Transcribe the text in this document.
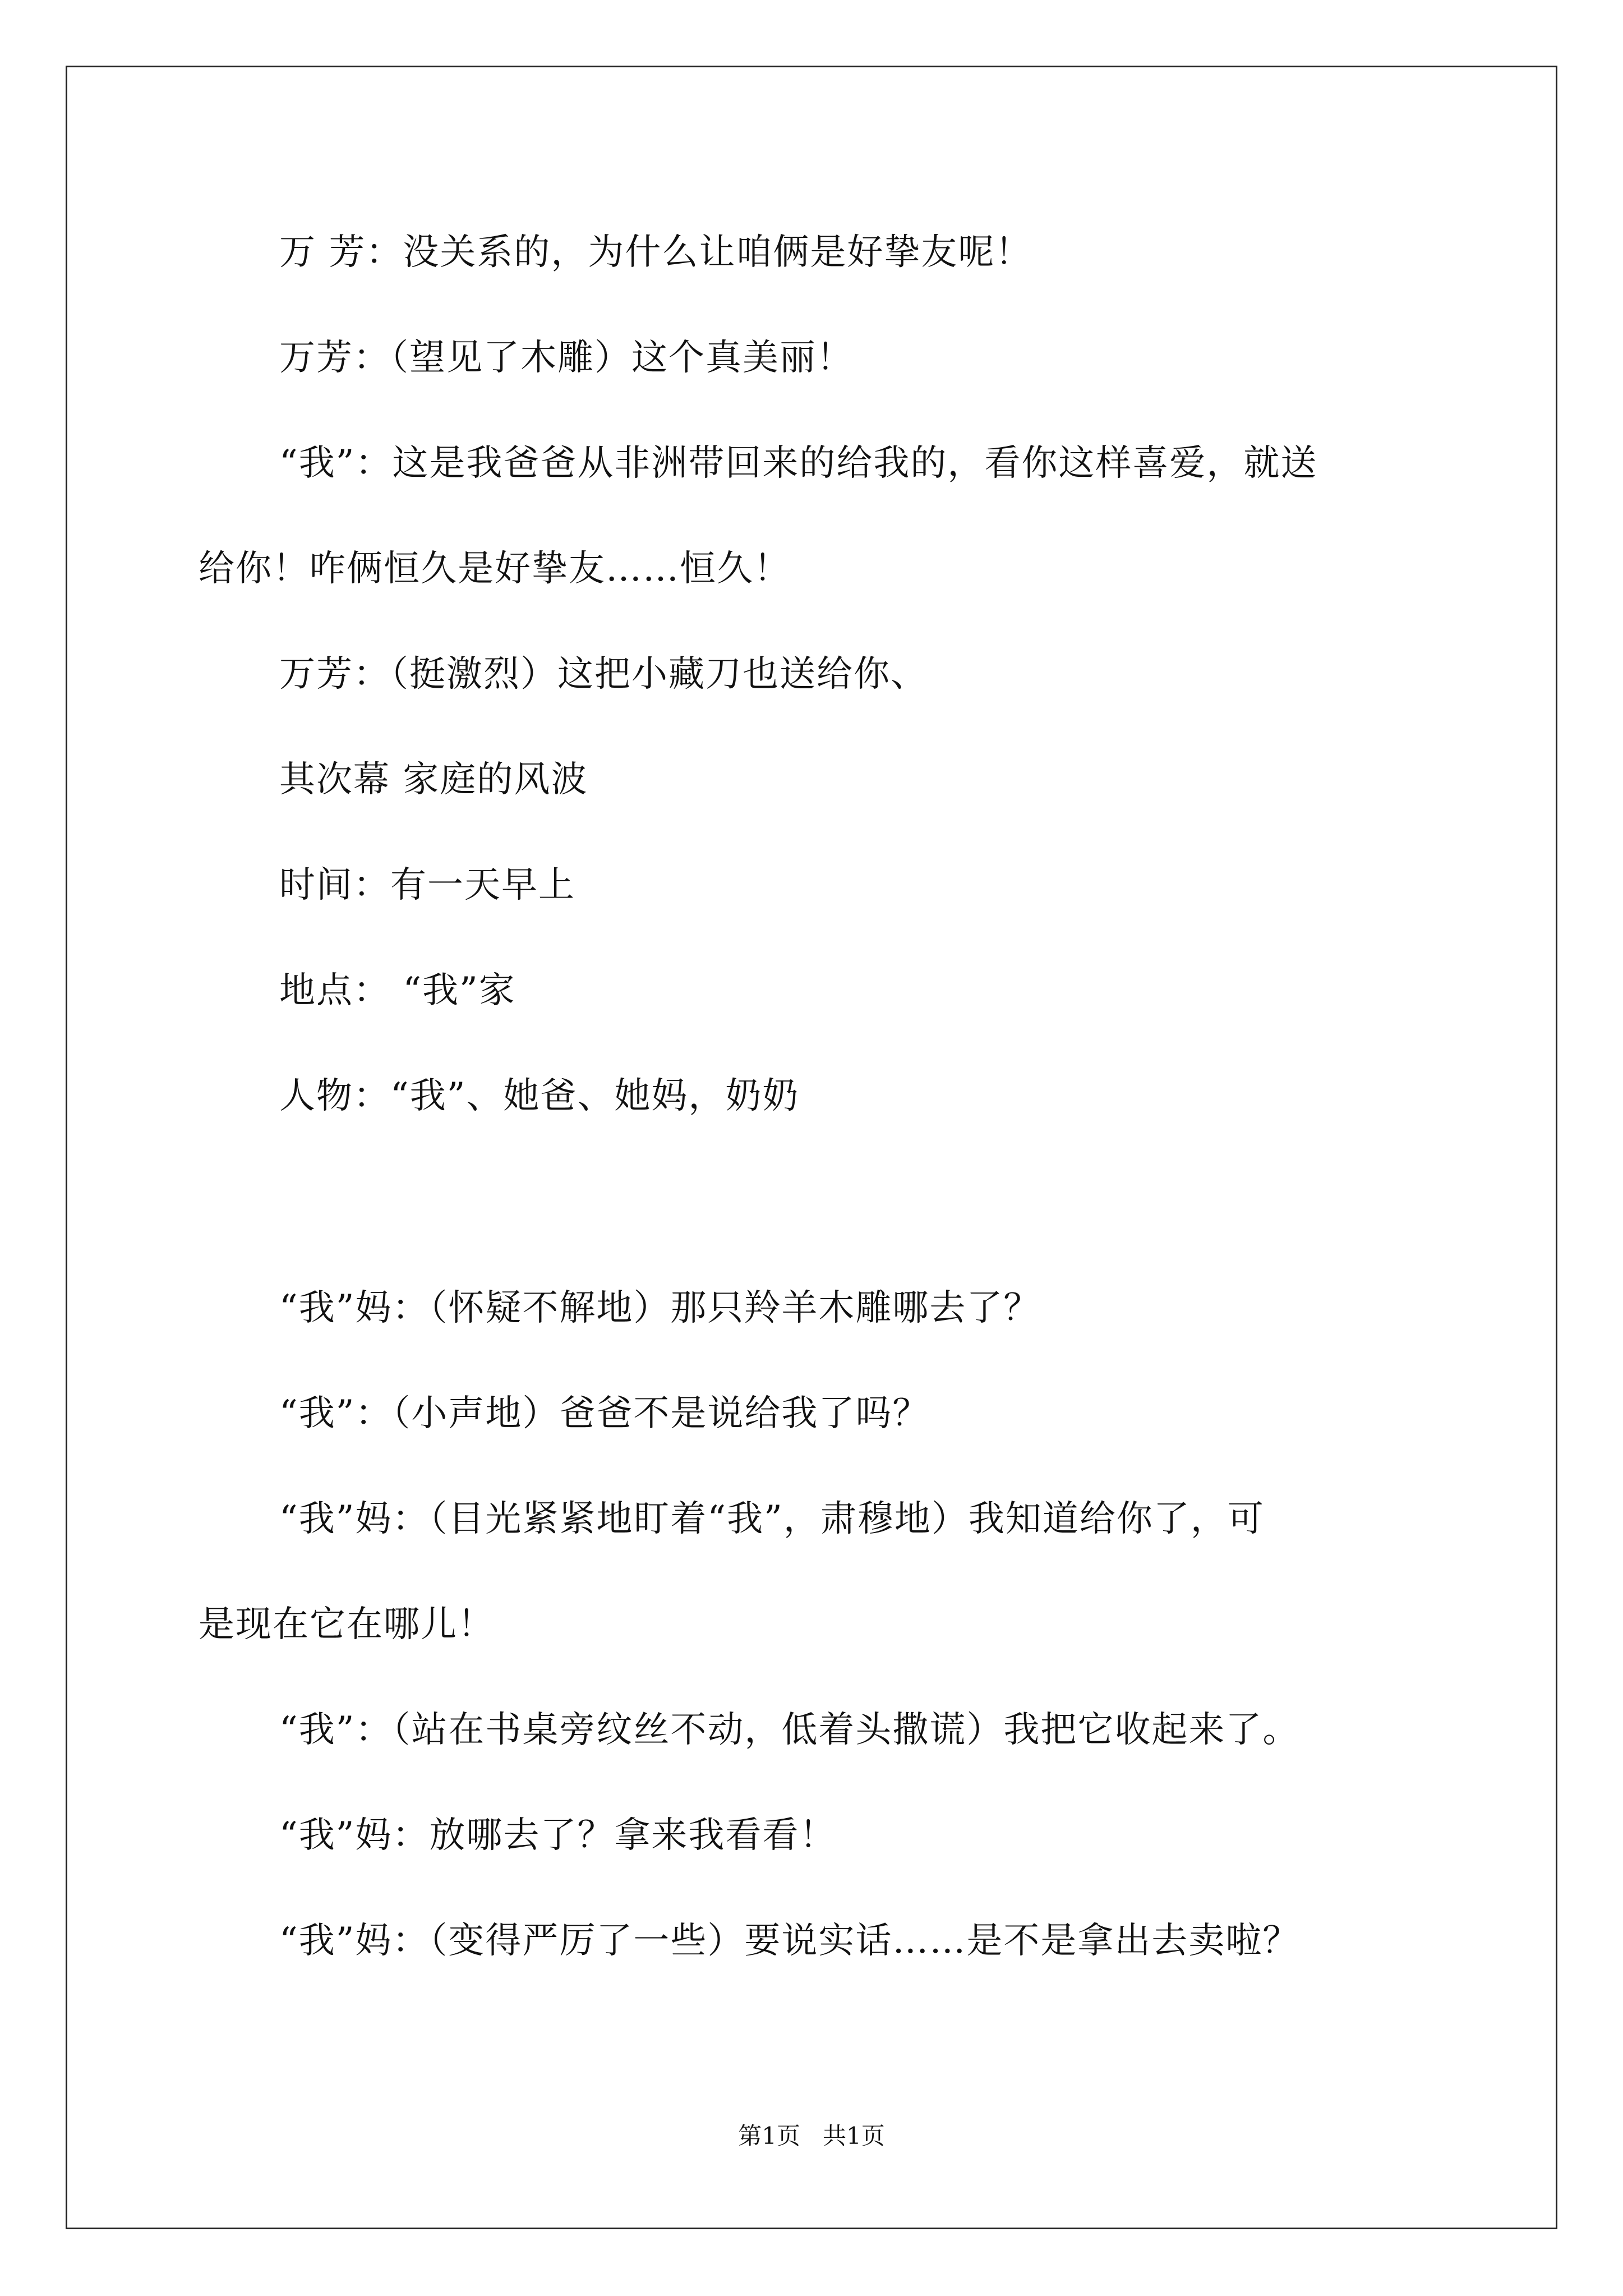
万 芳：没关系的，为什么让咱俩是好挚友呢！
万芳：（望见了木雕）这个真美丽！
“我”：这是我爸爸从非洲带回来的给我的，看你这样喜爱，就送
给你！咋俩恒久是好挚友……恒久！
万芳：（挺激烈）这把小藏刀也送给你、
其次幕 家庭的风波
时间：有一天早上
地点： “我”家
人物：“我”、她爸、她妈，奶奶
“我”妈：（怀疑不解地）那只羚羊木雕哪去了？
“我”：（小声地）爸爸不是说给我了吗？
“我”妈：（目光紧紧地盯着“我”，肃穆地）我知道给你了，可
是现在它在哪儿！
“我”：（站在书桌旁纹丝不动，低着头撒谎）我把它收起来了。
“我”妈：放哪去了？拿来我看看！
“我”妈：（变得严厉了一些）要说实话……是不是拿出去卖啦？
第1页   共1页
